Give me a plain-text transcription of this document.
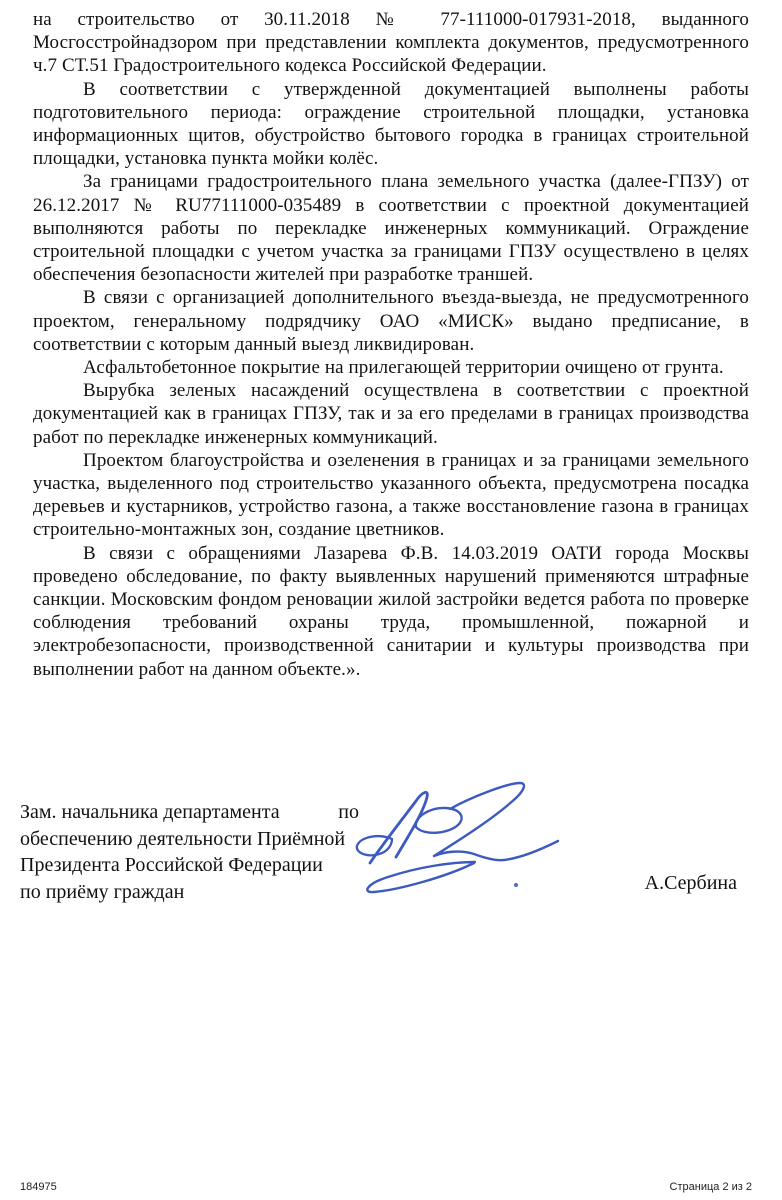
на строительство от 30.11.2018 № 77-111000-017931-2018, выданного Мосгосстройнадзором при представлении комплекта документов, предусмотренного ч.7 СТ.51 Градостроительного кодекса Российской Федерации.

В соответствии с утвержденной документацией выполнены работы подготовительного периода: ограждение строительной площадки, установка информационных щитов, обустройство бытового городка в границах строительной площадки, установка пункта мойки колёс.

За границами градостроительного плана земельного участка (далее-ГПЗУ) от 26.12.2017 № RU77111000-035489 в соответствии с проектной документацией выполняются работы по перекладке инженерных коммуникаций. Ограждение строительной площадки с учетом участка за границами ГПЗУ осуществлено в целях обеспечения безопасности жителей при разработке траншей.

В связи с организацией дополнительного въезда-выезда, не предусмотренного проектом, генеральному подрядчику ОАО «МИСК» выдано предписание, в соответствии с которым данный выезд ликвидирован.

Асфальтобетонное покрытие на прилегающей территории очищено от грунта.

Вырубка зеленых насаждений осуществлена в соответствии с проектной документацией как в границах ГПЗУ, так и за его пределами в границах производства работ по перекладке инженерных коммуникаций.

Проектом благоустройства и озеленения в границах и за границами земельного участка, выделенного под строительство указанного объекта, предусмотрена посадка деревьев и кустарников, устройство газона, а также восстановление газона в границах строительно-монтажных зон, создание цветников.

В связи с обращениями Лазарева Ф.В. 14.03.2019 ОАТИ города Москвы проведено обследование, по факту выявленных нарушений применяются штрафные санкции. Московским фондом реновации жилой застройки ведется работа по проверке соблюдения требований охраны труда, промышленной, пожарной и электробезопасности, производственной санитарии и культуры производства при выполнении работ на данном объекте.».

Зам. начальника департамента	по
обеспечению деятельности Приёмной
Президента Российской Федерации
по приёму граждан	А.Сербина
184975	Страница 2 из 2
